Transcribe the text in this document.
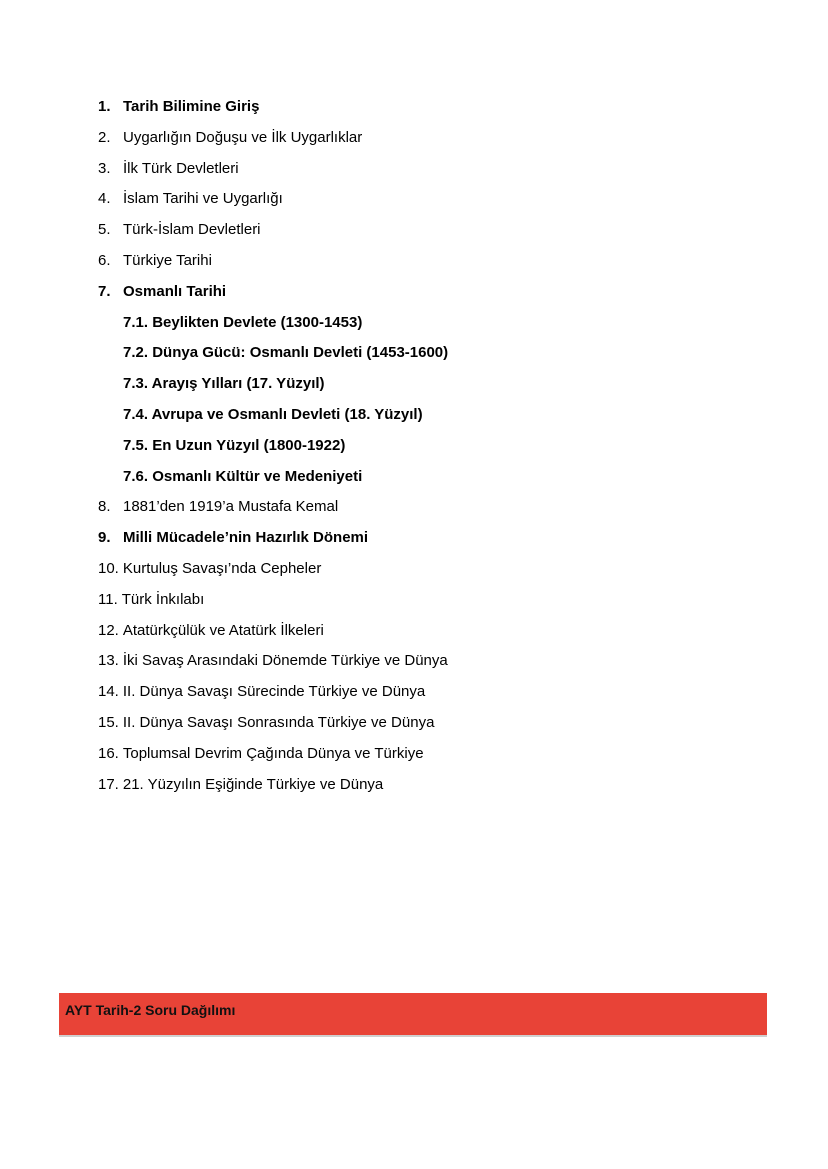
1. Tarih Bilimine Giriş
2. Uygarlığın Doğuşu ve İlk Uygarlıklar
3. İlk Türk Devletleri
4. İslam Tarihi ve Uygarlığı
5. Türk-İslam Devletleri
6. Türkiye Tarihi
7. Osmanlı Tarihi
7.1. Beylikten Devlete (1300-1453)
7.2. Dünya Gücü: Osmanlı Devleti (1453-1600)
7.3. Arayış Yılları (17. Yüzyıl)
7.4. Avrupa ve Osmanlı Devleti (18. Yüzyıl)
7.5. En Uzun Yüzyıl (1800-1922)
7.6. Osmanlı Kültür ve Medeniyeti
8. 1881’den 1919’a Mustafa Kemal
9. Milli Mücadele’nin Hazırlık Dönemi
10. Kurtuluş Savaşı’nda Cepheler
11. Türk İnkılabı
12. Atatürkçülük ve Atatürk İlkeleri
13. İki Savaş Arasındaki Dönemde Türkiye ve Dünya
14. II. Dünya Savaşı Sürecinde Türkiye ve Dünya
15. II. Dünya Savaşı Sonrasında Türkiye ve Dünya
16. Toplumsal Devrim Çağında Dünya ve Türkiye
17. 21. Yüzyılın Eşiğinde Türkiye ve Dünya
AYT Tarih-2 Soru Dağılımı
